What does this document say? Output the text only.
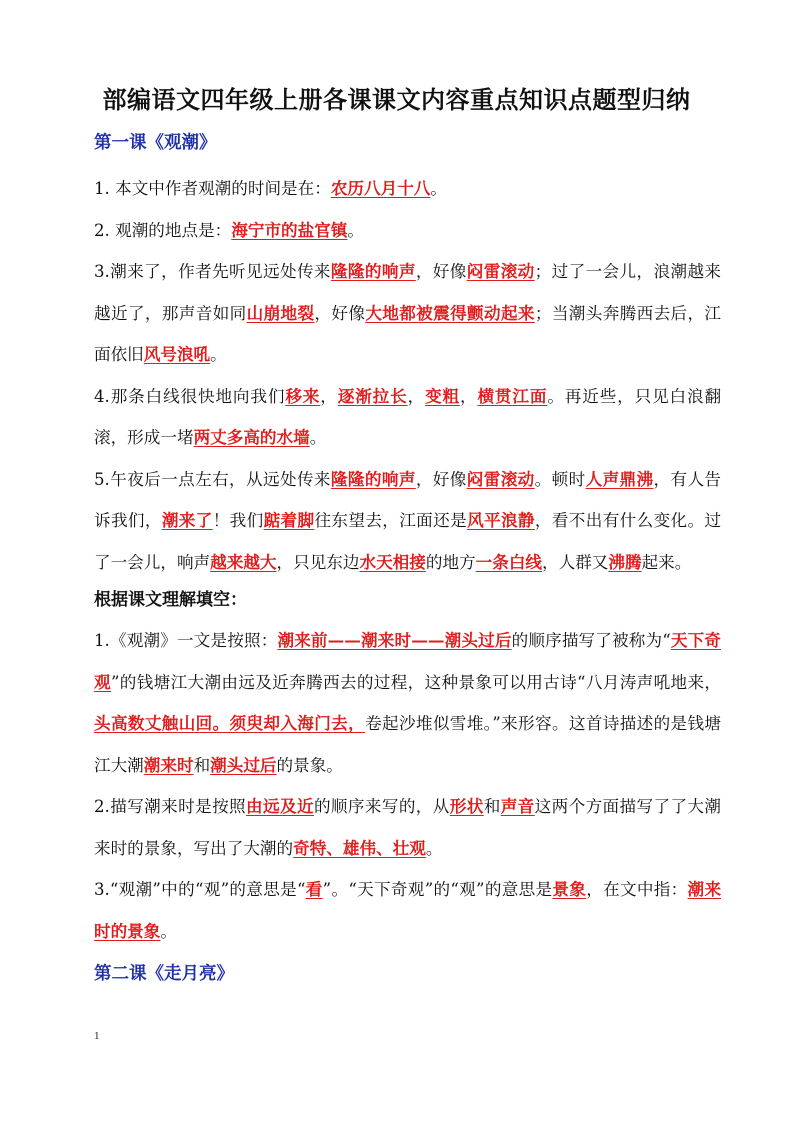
部编语文四年级上册各课课文内容重点知识点题型归纳
第一课《观潮》

1. 本文中作者观潮的时间是在：农历八月十八。

2. 观潮的地点是：海宁市的盐官镇。

3.潮来了，作者先听见远处传来隆隆的响声，好像闷雷滚动；过了一会儿，浪潮越来越近了，那声音如同山崩地裂，好像大地都被震得颤动起来；当潮头奔腾西去后，江面依旧风号浪吼。

4.那条白线很快地向我们移来，逐渐拉长，变粗，横贯江面。再近些，只见白浪翻滚，形成一堵两丈多高的水墙。

5.午夜后一点左右，从远处传来隆隆的响声，好像闷雷滚动。顿时人声鼎沸，有人告诉我们，潮来了！我们踮着脚往东望去，江面还是风平浪静，看不出有什么变化。过了一会儿，响声越来越大，只见东边水天相接的地方一条白线，人群又沸腾起来。

根据课文理解填空：

1.《观潮》一文是按照：潮来前——潮来时——潮头过后的顺序描写了被称为“天下奇观”的钱塘江大潮由远及近奔腾西去的过程，这种景象可以用古诗“八月涛声吼地来，头高数丈触山回。须臾却入海门去，卷起沙堆似雪堆。”来形容。这首诗描述的是钱塘江大潮潮来时和潮头过后的景象。

2.描写潮来时是按照由远及近的顺序来写的，从形状和声音这两个方面描写了了大潮来时的景象，写出了大潮的奇特、雄伟、壮观。

3.“观潮”中的“观”的意思是“看”。“天下奇观”的“观”的意思是景象，在文中指：潮来时的景象。

第二课《走月亮》
1
